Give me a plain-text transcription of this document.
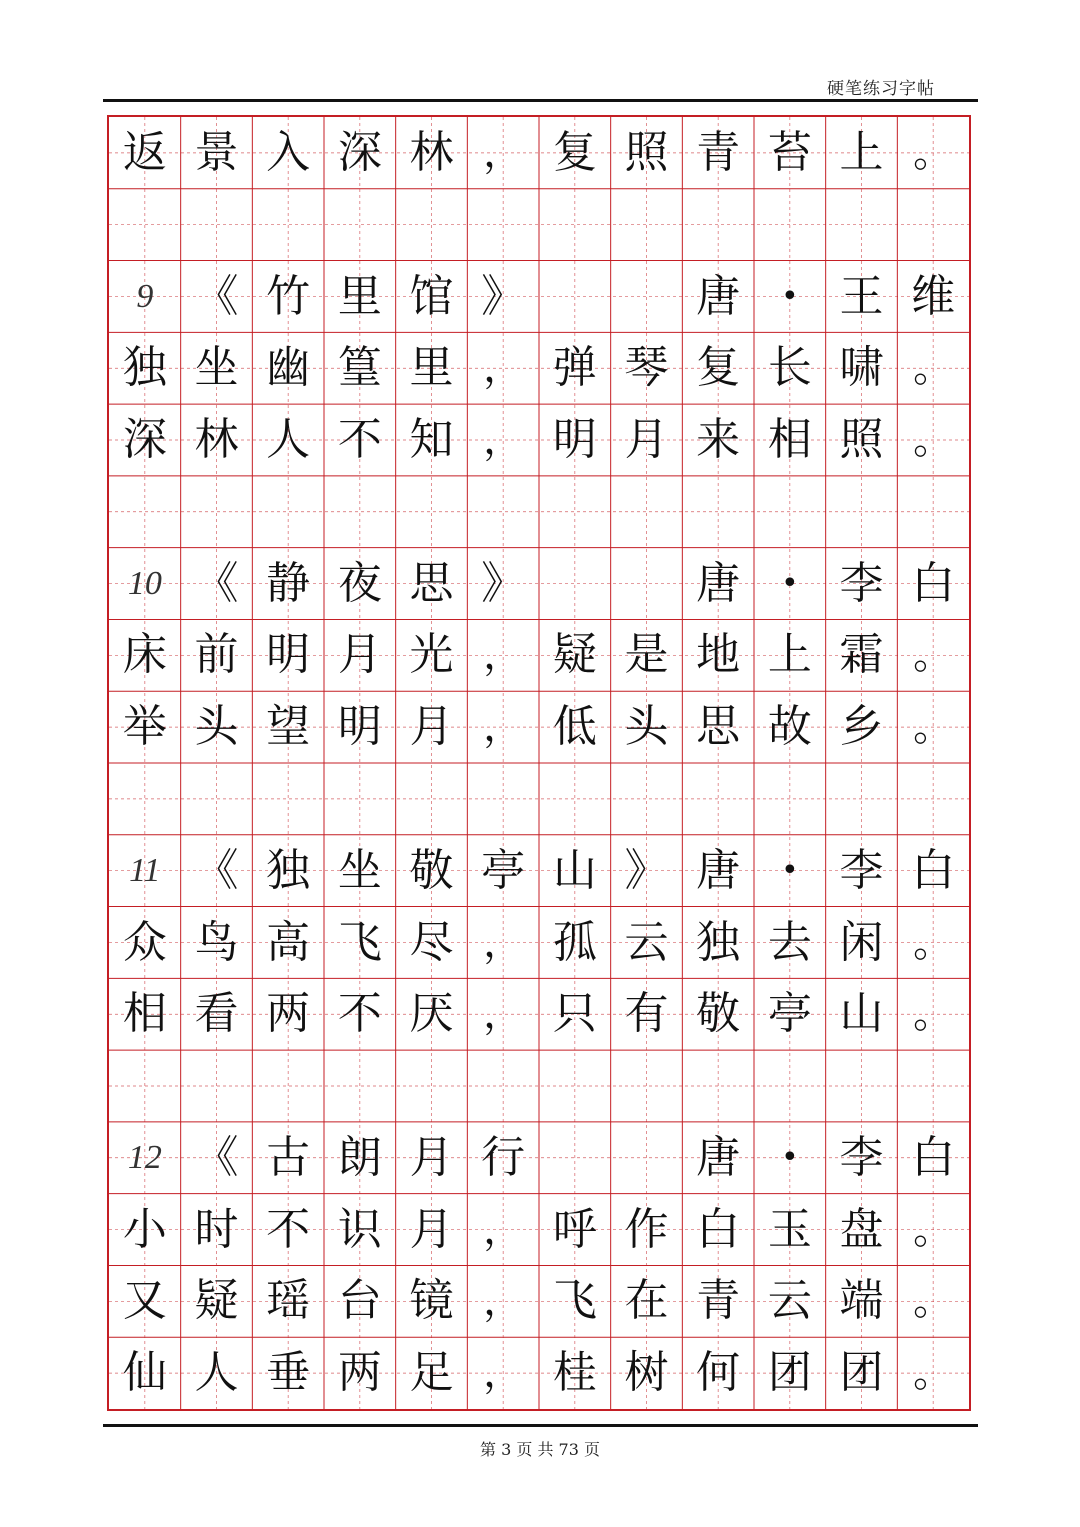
硬笔练习字帖
返 景 入 深 林 ， 复 照 青 苔 上 。
9 《 竹 里 馆 》	唐	• 王 维
独 坐 幽 篁 里 ， 弹 琴 复 长 啸 。
深 林 人 不 知 ， 明 月 来 相 照 。
10 《 静 夜 思 》	唐	• 李 白
床 前 明 月 光 ， 疑 是 地 上 霜 。
举 头 望 明 月 ， 低 头 思 故 乡 。
11 《 独 坐 敬 亭 山 》 唐	• 李 白
众 鸟 高 飞 尽 ， 孤 云 独 去 闲 。
相 看 两 不 厌 ， 只 有 敬 亭 山 。
12 《 古 朗 月 行	唐	• 李 白
小 时 不 识 月 ， 呼 作 白 玉 盘 。
又 疑 瑶 台 镜 ， 飞 在 青 云 端 。
仙 人 垂 两 足 ， 桂 树 何 团 团 。
第 3 页 共 73 页
